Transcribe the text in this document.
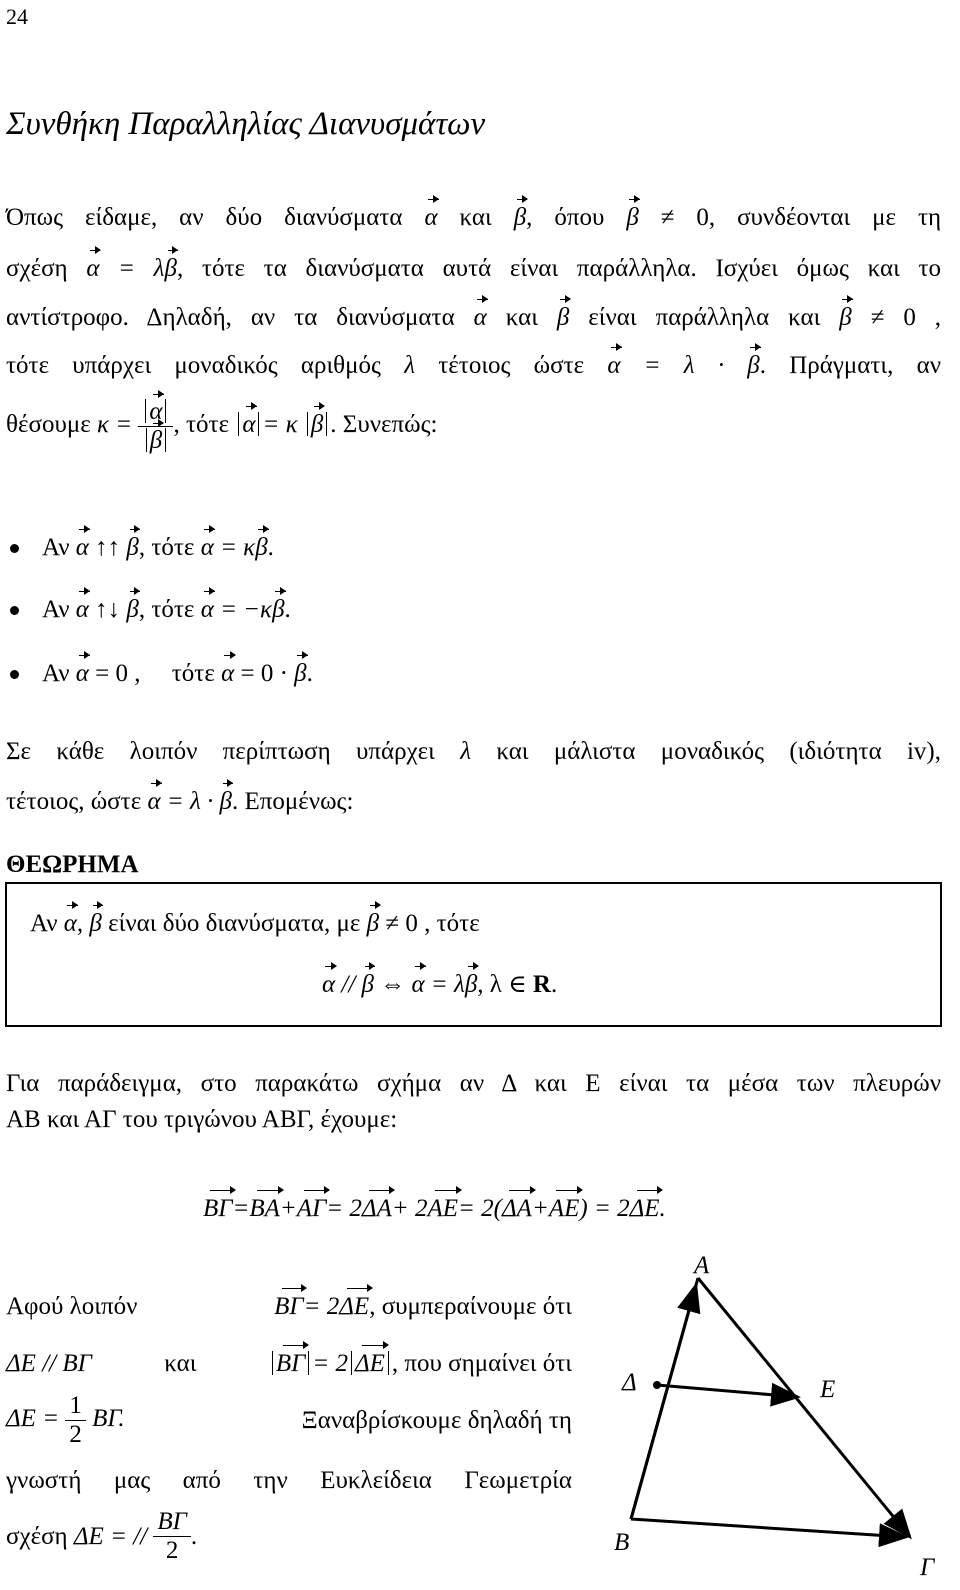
24
Συνθήκη Παραλληλίας Διανυσμάτων
Όπως είδαμε, αν δύο διανύσματα α και β, όπου β ≠ 0, συνδέονται με τη
σχέση α = λβ, τότε τα διανύσματα αυτά είναι παράλληλα. Ισχύει όμως και το
αντίστροφο. Δηλαδή, αν τα διανύσματα α και β είναι παράλληλα και β ≠ 0 ,
τότε υπάρχει μοναδικός αριθμός λ τέτοιος ώστε α = λ · β. Πράγματι, αν
θέσουμε $\kappa = \frac{\alpha}{\beta}$ , τότε α = κ β . Συνεπώς:
Αν α ↑↑ β, τότε α = κβ.
Αν α ↑↓ β, τότε α = −κβ.
Αν α = 0 , τότε α = 0 · β.
Σε κάθε λοιπόν περίπτωση υπάρχει λ και μάλιστα μοναδικός (ιδιότητα iv),
τέτοιος, ώστε α = λ · β. Επομένως:
ΘΕΩΡΗΜΑ
Αν α, β είναι δύο διανύσματα, με β ≠ 0 , τότε
α // β ⇔ α = λβ, λ ∈ R.
Για παράδειγμα, στο παρακάτω σχήμα αν Δ και Ε είναι τα μέσα των πλευρών
ΑΒ και ΑΓ του τριγώνου ΑΒΓ, έχουμε:
ΒΓ=ΒΑ+ΑΓ= 2ΔΑ+ 2ΑΕ= 2(ΔΑ+ΑΕ) = 2ΔΕ.
Αφού λοιπόν	ΒΓ= 2ΔΕ, συμπεραίνουμε ότι
ΔΕ // ΒΓ	και	ΒΓ = 2 ΔΕ , που σημαίνει ότι
$\Delta E = \frac{1}{2} B\Gamma$.	Ξαναβρίσκουμε δηλαδή τη
γνωστή μας από την Ευκλείδεια Γεωμετρία
σχέση
ΔΕ = //
$\frac{B\Gamma}{2}$ .
Α
Δ	Ε
Β
Γ
